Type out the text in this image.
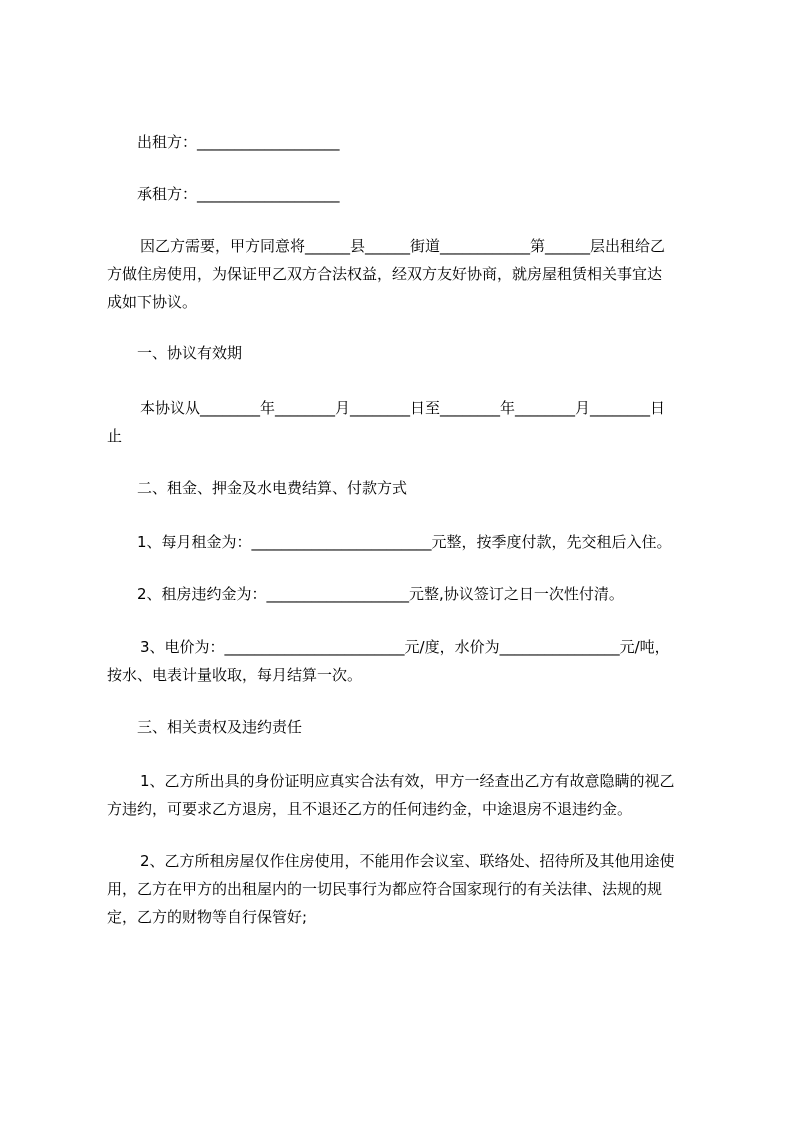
出租方：___________________
承租方：___________________
因乙方需要，甲方同意将______县______街道____________第______层出租给乙
方做住房使用，为保证甲乙双方合法权益，经双方友好协商，就房屋租赁相关事宜达
成如下协议。
一、协议有效期
本协议从________年________月________日至________年________月________日
止
二、租金、押金及水电费结算、付款方式
1、每月租金为：________________________元整，按季度付款，先交租后入住。
2、租房违约金为：___________________元整,协议签订之日一次性付清。
3、电价为：________________________元/度，水价为________________元/吨，
按水、电表计量收取，每月结算一次。
三、相关责权及违约责任
1、乙方所出具的身份证明应真实合法有效，甲方一经查出乙方有故意隐瞒的视乙
方违约，可要求乙方退房，且不退还乙方的任何违约金，中途退房不退违约金。
2、乙方所租房屋仅作住房使用，不能用作会议室、联络处、招待所及其他用途使
用，乙方在甲方的出租屋内的一切民事行为都应符合国家现行的有关法律、法规的规
定，乙方的财物等自行保管好;
